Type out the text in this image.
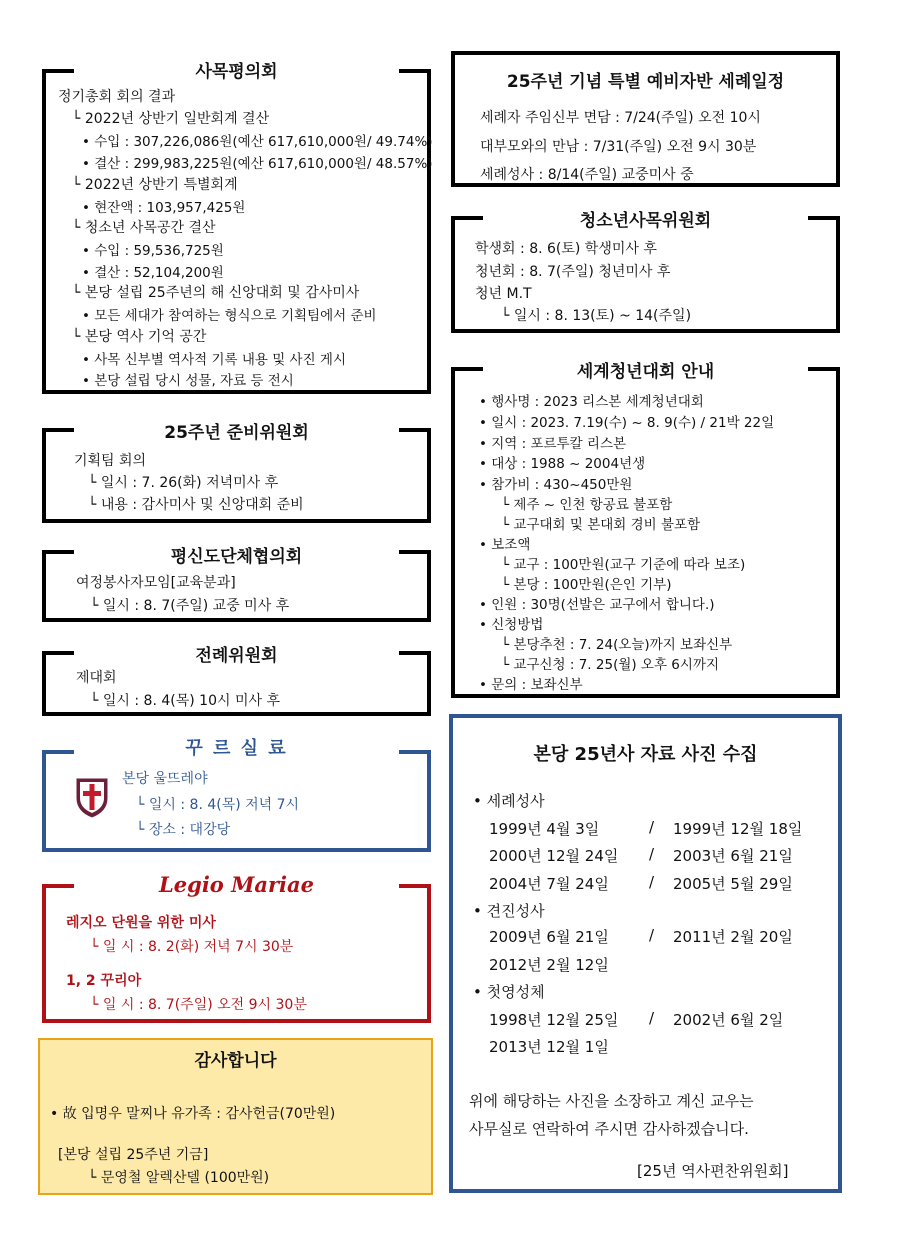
사목평의회
정기총회 회의 결과
└ 2022년 상반기 일반회계 결산
• 수입 : 307,226,086원(예산 617,610,000원/ 49.74%)
• 결산 : 299,983,225원(예산 617,610,000원/ 48.57%)
└ 2022년 상반기 특별회계
• 현잔액 : 103,957,425원
└ 청소년 사목공간 결산
• 수입 : 59,536,725원
• 결산 : 52,104,200원
└ 본당 설립 25주년의 해 신앙대회 및 감사미사
• 모든 세대가 참여하는 형식으로 기획팀에서 준비
└ 본당 역사 기억 공간
• 사목 신부별 역사적 기록 내용 및 사진 게시
• 본당 설립 당시 성물, 자료 등 전시
25주년 준비위원회
기획팀 회의
└ 일시 : 7. 26(화) 저녁미사 후
└ 내용 : 감사미사 및 신앙대회 준비
평신도단체협의회
여정봉사자모임[교육분과]
└ 일시 : 8. 7(주일) 교중 미사 후
전례위원회
제대회
└ 일시 : 8. 4(목) 10시 미사 후
꾸 르 실 료
본당 울뜨레야
└ 일시 : 8. 4(목) 저녁 7시
└ 장소 : 대강당
Legio Mariae
레지오 단원을 위한 미사
└ 일 시 : 8. 2(화) 저녁 7시 30분
1, 2 꾸리아
└ 일 시 : 8. 7(주일) 오전 9시 30분
감사합니다
• 故 입명우 말찌나 유가족 : 감사헌금(70만원)
[본당 설립 25주년 기금]
└ 문영철 알렉산델 (100만원)
25주년 기념 특별 예비자반 세례일정
세례자 주임신부 면담 : 7/24(주일) 오전 10시
대부모와의 만남 : 7/31(주일) 오전 9시 30분
세례성사 : 8/14(주일) 교중미사 중
청소년사목위원회
학생회 : 8. 6(토) 학생미사 후
청년회 : 8. 7(주일) 청년미사 후
청년 M.T
└ 일시 : 8. 13(토) ~ 14(주일)
세계청년대회 안내
• 행사명 : 2023 리스본 세계청년대회
• 일시 : 2023. 7.19(수) ~ 8. 9(수) / 21박 22일
• 지역 : 포르투칼 리스본
• 대상 : 1988 ~ 2004년생
• 참가비 : 430~450만원
└ 제주 ~ 인천 항공료 불포함
└ 교구대회 및 본대회 경비 불포함
• 보조액
└ 교구 : 100만원(교구 기준에 따라 보조)
└ 본당 : 100만원(은인 기부)
• 인원 : 30명(선발은 교구에서 합니다.)
• 신청방법
└ 본당추천 : 7. 24(오늘)까지 보좌신부
└ 교구신청 : 7. 25(월) 오후 6시까지
• 문의 : 보좌신부
본당 25년사 자료 사진 수집
• 세례성사
1999년 4월 3일	/ 1999년 12월 18일
2000년 12월 24일 / 2003년 6월 21일
2004년 7월 24일	/ 2005년 5월 29일
• 견진성사
2009년 6월 21일	/ 2011년 2월 20일
2012년 2월 12일
• 첫영성체
1998년 12월 25일 / 2002년 6월 2일
2013년 12월 1일
위에 해당하는 사진을 소장하고 계신 교우는
사무실로 연락하여 주시면 감사하겠습니다.
[25년 역사편찬위원회]
